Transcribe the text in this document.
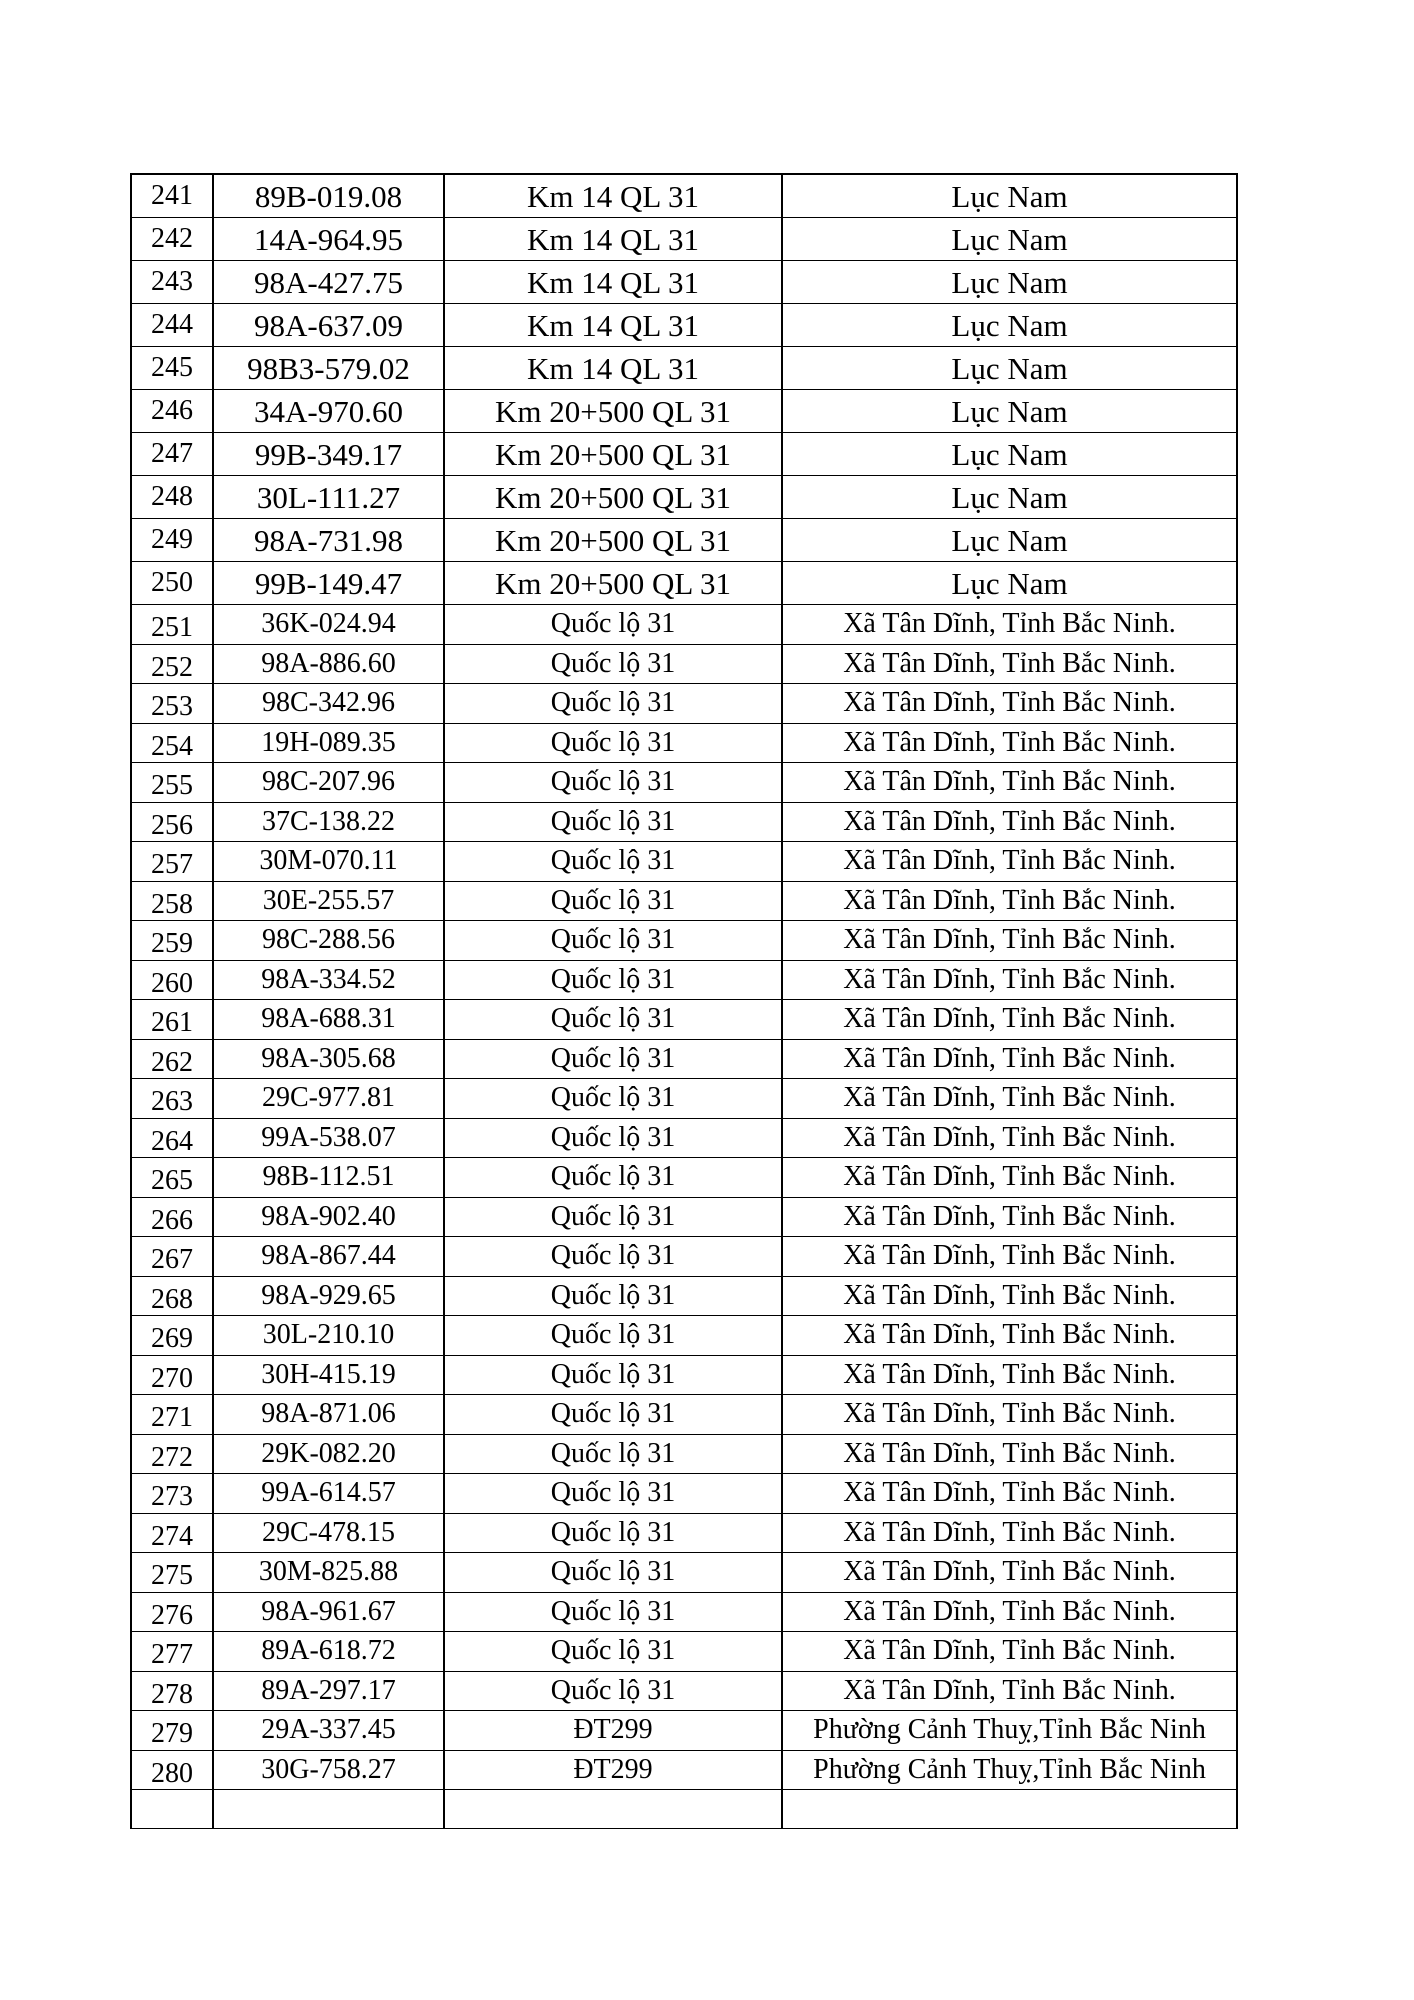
241	89B-019.08	Km 14 QL 31	Lục Nam
242	14A-964.95	Km 14 QL 31	Lục Nam
243	98A-427.75	Km 14 QL 31	Lục Nam
244	98A-637.09	Km 14 QL 31	Lục Nam
245	98B3-579.02	Km 14 QL 31	Lục Nam
246	34A-970.60	Km 20+500 QL 31	Lục Nam
247	99B-349.17	Km 20+500 QL 31	Lục Nam
248	30L-111.27	Km 20+500 QL 31	Lục Nam
249	98A-731.98	Km 20+500 QL 31	Lục Nam
250	99B-149.47	Km 20+500 QL 31	Lục Nam
251	36K-024.94	Quốc lộ 31	Xã Tân Dĩnh, Tỉnh Bắc Ninh.
252	98A-886.60	Quốc lộ 31	Xã Tân Dĩnh, Tỉnh Bắc Ninh.
253	98C-342.96	Quốc lộ 31	Xã Tân Dĩnh, Tỉnh Bắc Ninh.
254	19H-089.35	Quốc lộ 31	Xã Tân Dĩnh, Tỉnh Bắc Ninh.
255	98C-207.96	Quốc lộ 31	Xã Tân Dĩnh, Tỉnh Bắc Ninh.
256	37C-138.22	Quốc lộ 31	Xã Tân Dĩnh, Tỉnh Bắc Ninh.
257	30M-070.11	Quốc lộ 31	Xã Tân Dĩnh, Tỉnh Bắc Ninh.
258	30E-255.57	Quốc lộ 31	Xã Tân Dĩnh, Tỉnh Bắc Ninh.
259	98C-288.56	Quốc lộ 31	Xã Tân Dĩnh, Tỉnh Bắc Ninh.
260	98A-334.52	Quốc lộ 31	Xã Tân Dĩnh, Tỉnh Bắc Ninh.
261	98A-688.31	Quốc lộ 31	Xã Tân Dĩnh, Tỉnh Bắc Ninh.
262	98A-305.68	Quốc lộ 31	Xã Tân Dĩnh, Tỉnh Bắc Ninh.
263	29C-977.81	Quốc lộ 31	Xã Tân Dĩnh, Tỉnh Bắc Ninh.
264	99A-538.07	Quốc lộ 31	Xã Tân Dĩnh, Tỉnh Bắc Ninh.
265	98B-112.51	Quốc lộ 31	Xã Tân Dĩnh, Tỉnh Bắc Ninh.
266	98A-902.40	Quốc lộ 31	Xã Tân Dĩnh, Tỉnh Bắc Ninh.
267	98A-867.44	Quốc lộ 31	Xã Tân Dĩnh, Tỉnh Bắc Ninh.
268	98A-929.65	Quốc lộ 31	Xã Tân Dĩnh, Tỉnh Bắc Ninh.
269	30L-210.10	Quốc lộ 31	Xã Tân Dĩnh, Tỉnh Bắc Ninh.
270	30H-415.19	Quốc lộ 31	Xã Tân Dĩnh, Tỉnh Bắc Ninh.
271	98A-871.06	Quốc lộ 31	Xã Tân Dĩnh, Tỉnh Bắc Ninh.
272	29K-082.20	Quốc lộ 31	Xã Tân Dĩnh, Tỉnh Bắc Ninh.
273	99A-614.57	Quốc lộ 31	Xã Tân Dĩnh, Tỉnh Bắc Ninh.
274	29C-478.15	Quốc lộ 31	Xã Tân Dĩnh, Tỉnh Bắc Ninh.
275	30M-825.88	Quốc lộ 31	Xã Tân Dĩnh, Tỉnh Bắc Ninh.
276	98A-961.67	Quốc lộ 31	Xã Tân Dĩnh, Tỉnh Bắc Ninh.
277	89A-618.72	Quốc lộ 31	Xã Tân Dĩnh, Tỉnh Bắc Ninh.
278	89A-297.17	Quốc lộ 31	Xã Tân Dĩnh, Tỉnh Bắc Ninh.
279	29A-337.45	ĐT299	Phường Cảnh Thuỵ,Tỉnh Bắc Ninh
280	30G-758.27	ĐT299	Phường Cảnh Thuỵ,Tỉnh Bắc Ninh
